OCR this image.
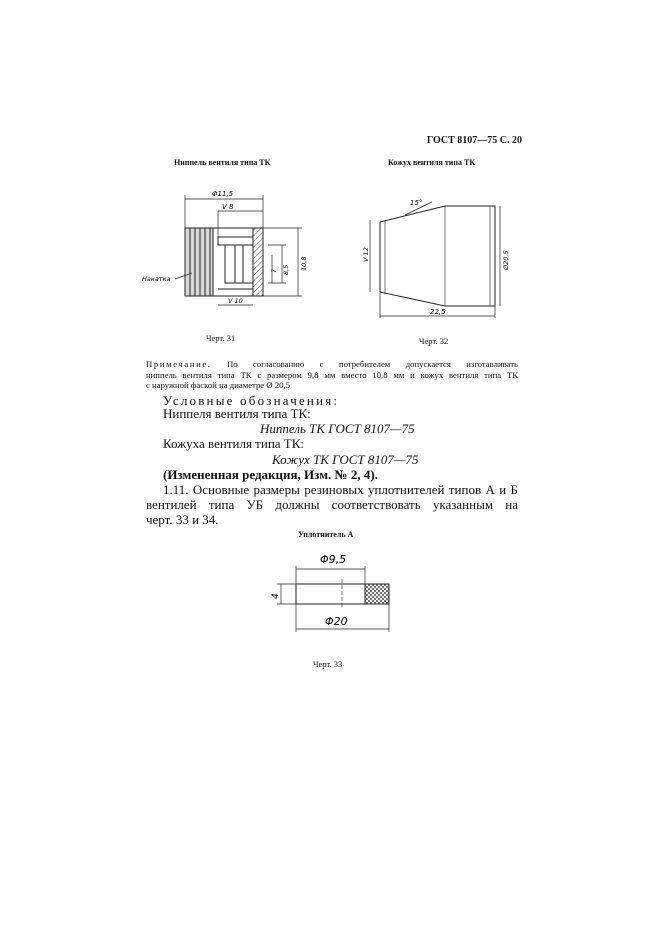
ГОСТ 8107—75 С. 20
Ниппель вентиля типа ТК
Φ11,5
V 8
Накатка
10,8
8,5
7
V 10
Черт. 31
Кожух вентиля типа ТК
15°
V 12	Ø20,5
22,5
Черт. 32
Примечание. По согласованию с потребителем допускается изготавливать
ниппель вентиля типа ТК с размером 9,8 мм вместо 10,8 мм и кожух вентиля типа ТК
с наружной фаской на диаметре Ø 20,5
Условные обозначения:
Ниппеля вентиля типа ТК:
Ниппель ТК ГОСТ 8107—75
Кожуха вентиля типа ТК:
Кожух ТК ГОСТ 8107—75
(Измененная редакция, Изм. № 2, 4).
1.11. Основные размеры резиновых уплотнителей типов А и Б
вентилей типа УБ должны соответствовать указанным на
черт. 33 и 34.
Уплотнитель А
Φ9,5
Φ20
4
Черт. 33
